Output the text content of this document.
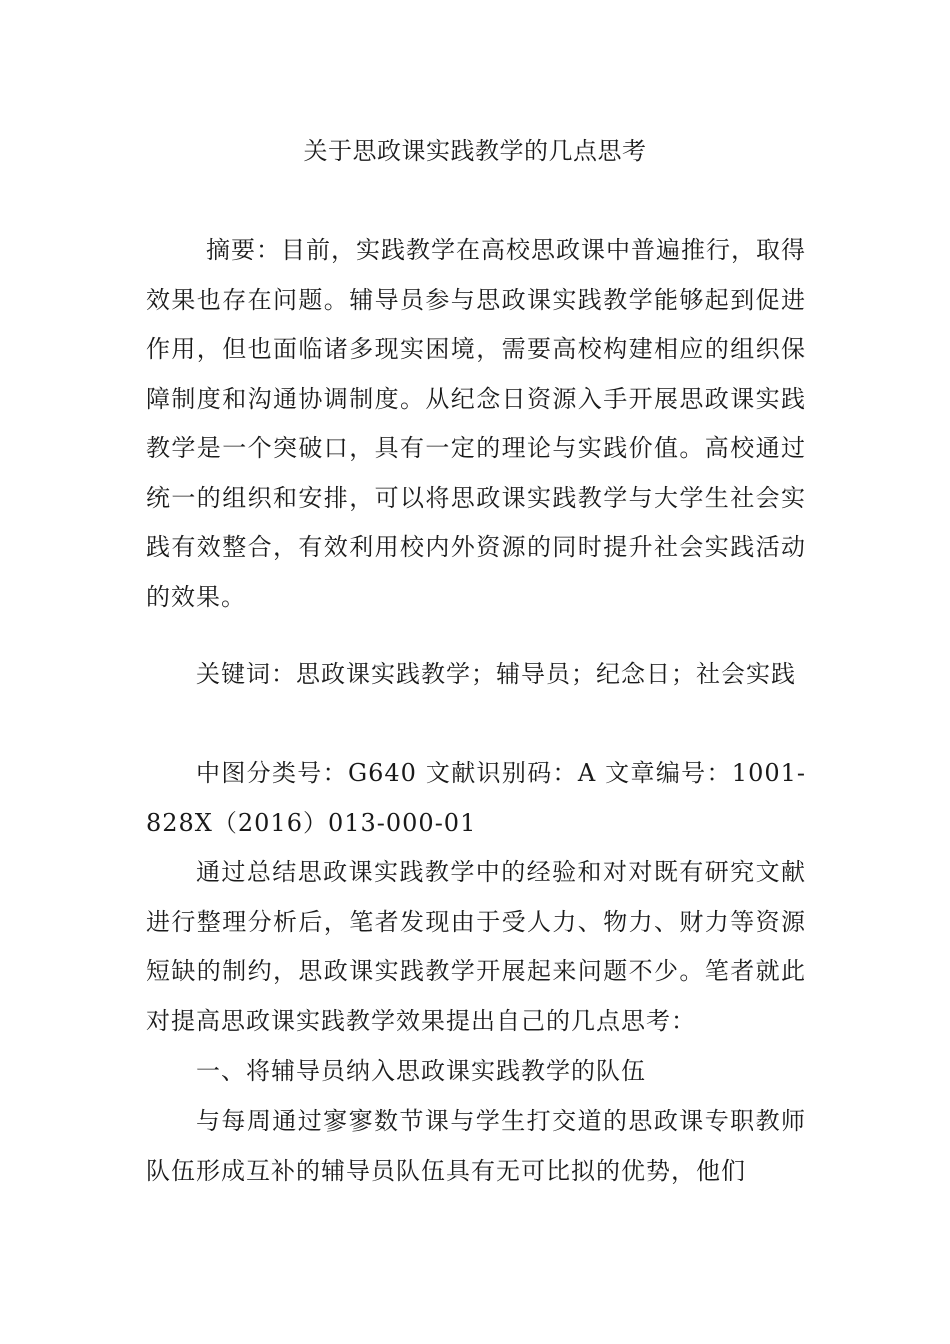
关于思政课实践教学的几点思考
摘要：目前，实践教学在高校思政课中普遍推行，取得效果也存在问题。辅导员参与思政课实践教学能够起到促进作用，但也面临诸多现实困境，需要高校构建相应的组织保障制度和沟通协调制度。从纪念日资源入手开展思政课实践教学是一个突破口，具有一定的理论与实践价值。高校通过统一的组织和安排，可以将思政课实践教学与大学生社会实践有效整合，有效利用校内外资源的同时提升社会实践活动的效果。
关键词：思政课实践教学；辅导员；纪念日；社会实践
中图分类号：G640 文献识别码：A 文章编号：1001-828X（2016）013-000-01
通过总结思政课实践教学中的经验和对对既有研究文献进行整理分析后，笔者发现由于受人力、物力、财力等资源短缺的制约，思政课实践教学开展起来问题不少。笔者就此对提高思政课实践教学效果提出自己的几点思考：
一、将辅导员纳入思政课实践教学的队伍
与每周通过寥寥数节课与学生打交道的思政课专职教师队伍形成互补的辅导员队伍具有无可比拟的优势，他们
